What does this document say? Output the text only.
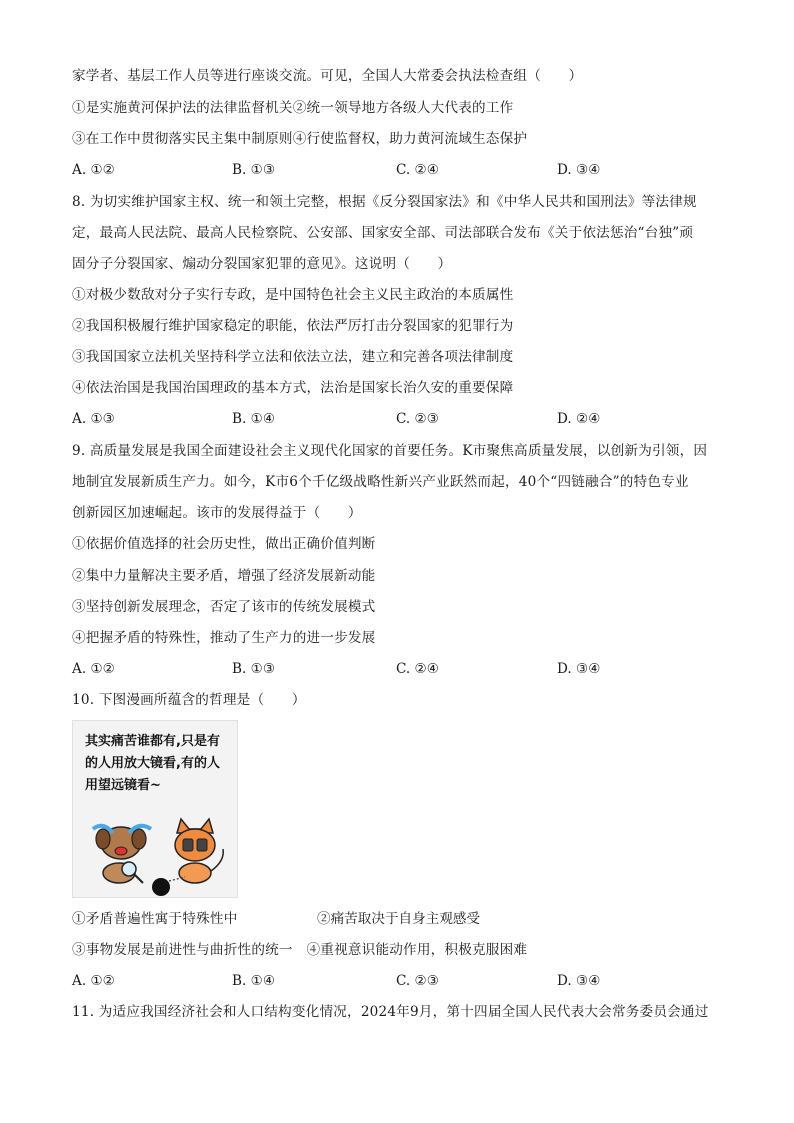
家学者、基层工作人员等进行座谈交流。可见，全国人大常委会执法检查组（　　）
①是实施黄河保护法的法律监督机关②统一领导地方各级人大代表的工作
③在工作中贯彻落实民主集中制原则④行使监督权，助力黄河流域生态保护
A. ①②	B. ①③	C. ②④	D. ③④
8. 为切实维护国家主权、统一和领土完整，根据《反分裂国家法》和《中华人民共和国刑法》等法律规
定，最高人民法院、最高人民检察院、公安部、国家安全部、司法部联合发布《关于依法惩治“台独”顽
固分子分裂国家、煽动分裂国家犯罪的意见》。这说明（　　）
①对极少数敌对分子实行专政，是中国特色社会主义民主政治的本质属性
②我国积极履行维护国家稳定的职能，依法严厉打击分裂国家的犯罪行为
③我国国家立法机关坚持科学立法和依法立法，建立和完善各项法律制度
④依法治国是我国治国理政的基本方式，法治是国家长治久安的重要保障
A. ①③	B. ①④	C. ②③	D. ②④
9. 高质量发展是我国全面建设社会主义现代化国家的首要任务。K市聚焦高质量发展，以创新为引领，因
地制宜发展新质生产力。如今，K市6个千亿级战略性新兴产业跃然而起，40个“四链融合”的特色专业
创新园区加速崛起。该市的发展得益于（　　）
①依据价值选择的社会历史性，做出正确价值判断
②集中力量解决主要矛盾，增强了经济发展新动能
③坚持创新发展理念，否定了该市的传统发展模式
④把握矛盾的特殊性，推动了生产力的进一步发展
A. ①②	B. ①③	C. ②④	D. ③④
10. 下图漫画所蕴含的哲理是（　　）
其实痛苦谁都有,只是有
的人用放大镜看,有的人
用望远镜看~
①矛盾普遍性寓于特殊性中	②痛苦取决于自身主观感受
③事物发展是前进性与曲折性的统一　④重视意识能动作用，积极克服困难
A. ①②	B. ①④	C. ②③	D. ③④
11. 为适应我国经济社会和人口结构变化情况，2024年9月，第十四届全国人民代表大会常务委员会通过
